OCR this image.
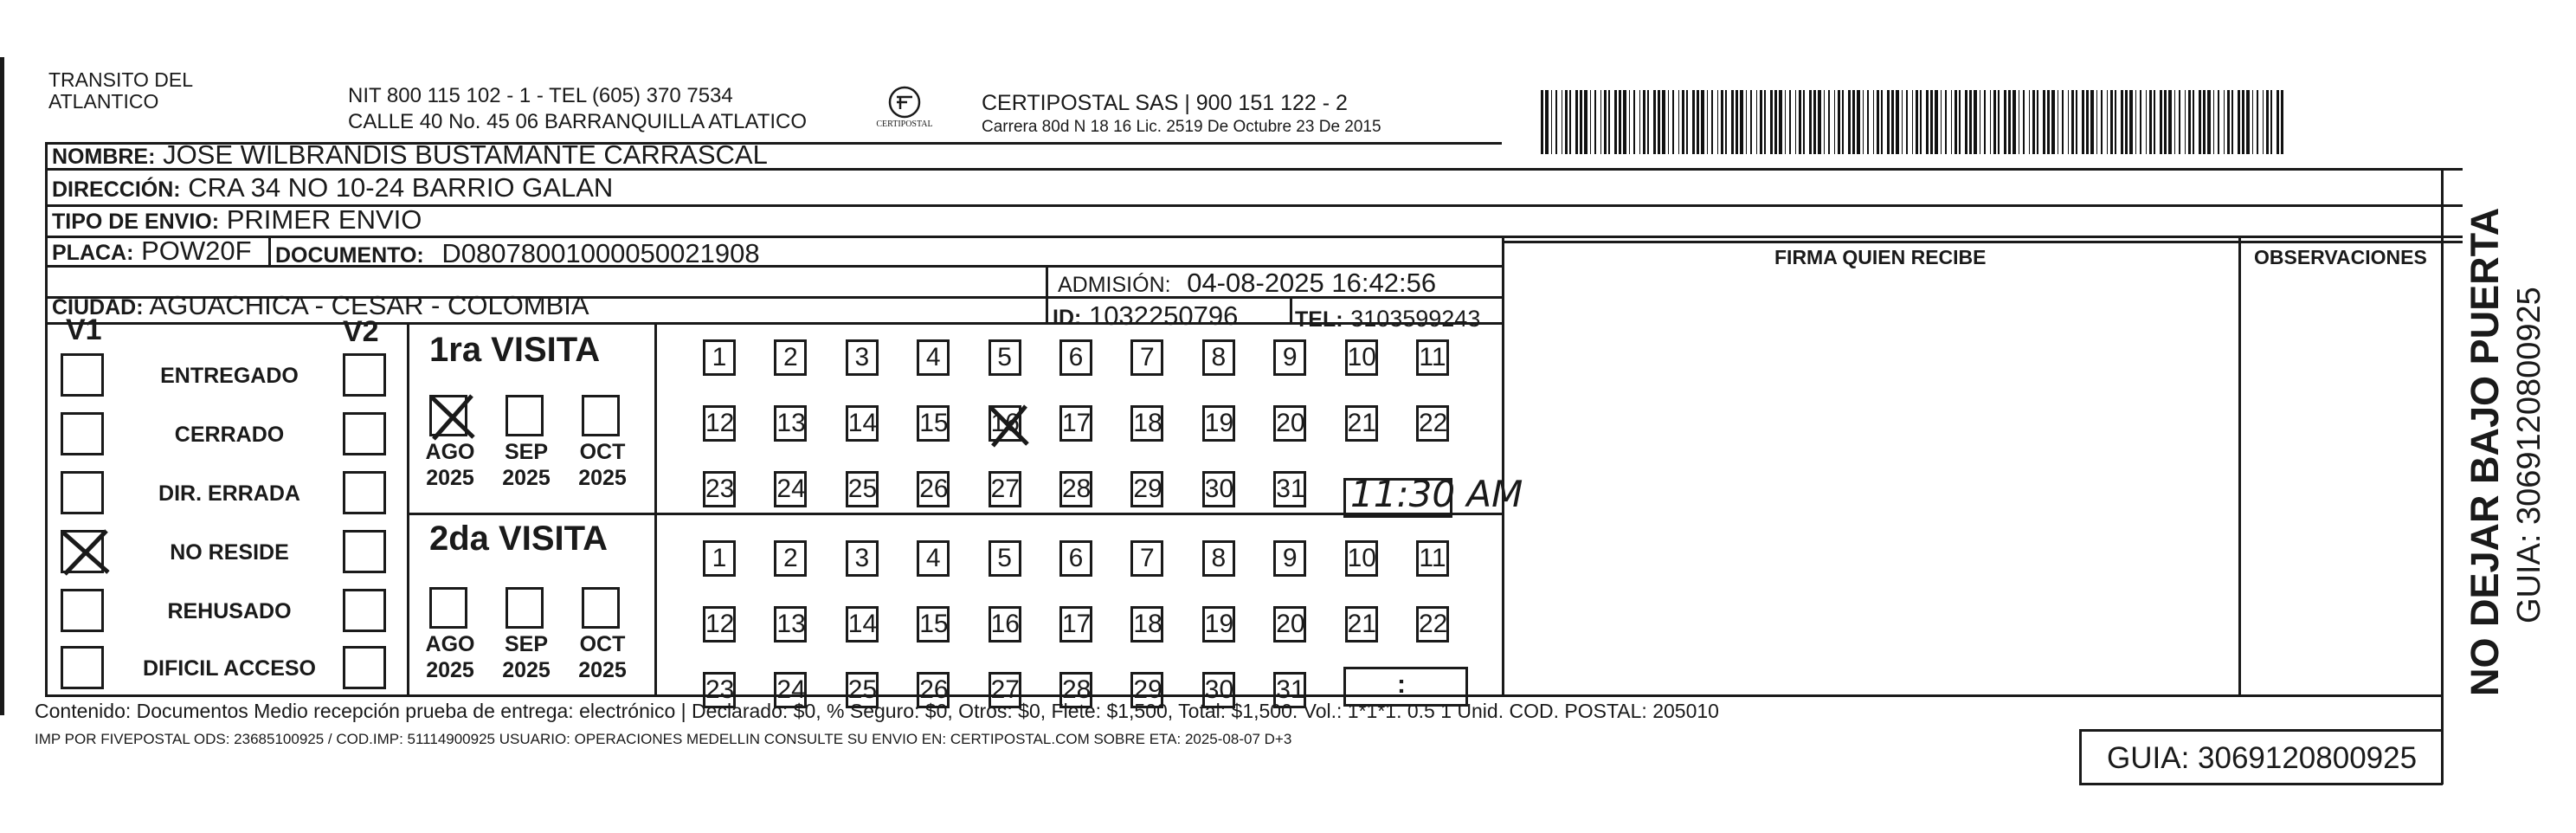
TRANSITO DEL
ATLANTICO	NIT 800 115 102 - 1 - TEL (605) 370 7534
CALLE 40 No. 45 06 BARRANQUILLA ATLATICO	CERTIPOSTAL
CERTIPOSTAL SAS | 900 151 122 - 2
Carrera 80d N 18 16 Lic. 2519 De Octubre 23 De 2015
NOMBRE: JOSE WILBRANDIS BUSTAMANTE CARRASCAL
DIRECCIÓN: CRA 34 NO 10-24 BARRIO GALAN
TIPO DE ENVIO: PRIMER ENVIO
PLACA: POW20F DOCUMENTO: D08078001000050021908
ADMISIÓN: 04-08-2025 16:42:56
CIUDAD: AGUACHICA - CESAR - COLOMBIA	ID: 1032250796	TEL: 3103599243
FIRMA QUIEN RECIBE	OBSERVACIONES NO DEJAR BAJO PUERTA GUIA: 3069120800925
V1	V2
ENTREGADO
CERRADO
DIR. ERRADA
NO RESIDE
REHUSADO
DIFICIL ACCESO
1ra VISITA
2da VISITA
AGO
2025
SEP
2025
OCT
2025
AGO
2025
SEP
2025
OCT
2025
1	2	3	4	5	6	7	8	9	10 11
12 13 14 15 16 17 18 19 20 21 22
23 24 25 26 27 28 29 30 31
1	2	3	4	5	6	7	8	9	10 11
12 13 14 15 16 17 18 19 20 21 22
23 24 25 26 27 28 29 30 31
11:30 AM
:
Contenido: Documentos Medio recepción prueba de entrega: electrónico | Declarado: $0, % Seguro: $0, Otros: $0, Flete: $1,500, Total: $1,500. Vol.: 1*1*1. 0.5 1 Unid. COD. POSTAL: 205010
IMP POR FIVEPOSTAL ODS: 23685100925 / COD.IMP: 51114900925 USUARIO: OPERACIONES MEDELLIN CONSULTE SU ENVIO EN: CERTIPOSTAL.COM SOBRE ETA: 2025-08-07 D+3
GUIA: 3069120800925
